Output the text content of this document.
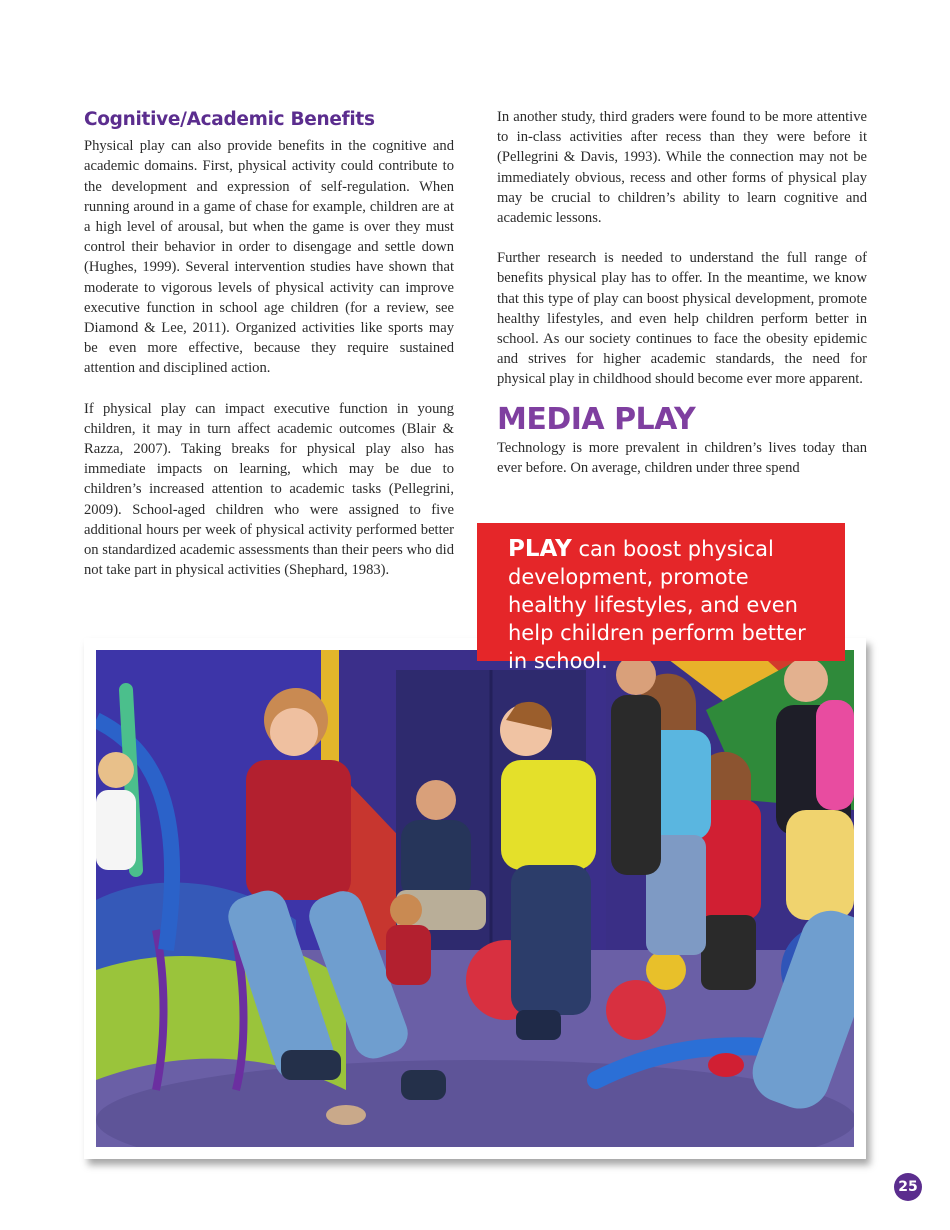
Cognitive/Academic Benefits

Physical play can also provide benefits in the cognitive and academic domains. First, physical activity could contribute to the development and expression of self-regulation. When running around in a game of chase for example, children are at a high level of arousal, but when the game is over they must control their behavior in order to disengage and settle down (Hughes, 1999). Several intervention studies have shown that moderate to vigorous levels of physical activity can improve executive function in school age children (for a review, see Diamond & Lee, 2011). Organized activities like sports may be even more effective, because they require sustained attention and disciplined action.

If physical play can impact executive function in young children, it may in turn affect academic outcomes (Blair & Razza, 2007). Taking breaks for physical play also has immediate impacts on learning, which may be due to children’s increased attention to academic tasks (Pellegrini, 2009). School-aged children who were assigned to five additional hours per week of physical activity performed better on standardized academic assessments than their peers who did not take part in physical activities (Shephard, 1983).

In another study, third graders were found to be more attentive to in-class activities after recess than they were before it (Pellegrini & Davis, 1993). While the connection may not be immediately obvious, recess and other forms of physical play may be crucial to children’s ability to learn cognitive and academic lessons.

Further research is needed to understand the full range of benefits physical play has to offer. In the meantime, we know that this type of play can boost physical development, promote healthy lifestyles, and even help children perform better in school. As our society continues to face the obesity epidemic and strives for higher academic standards, the need for physical play in childhood should become ever more apparent.

MEDIA PLAY

Technology is more prevalent in children’s lives today than ever before. On average, children under three spend

PLAY can boost physical development, promote healthy lifestyles, and even help children perform better in school.
25
